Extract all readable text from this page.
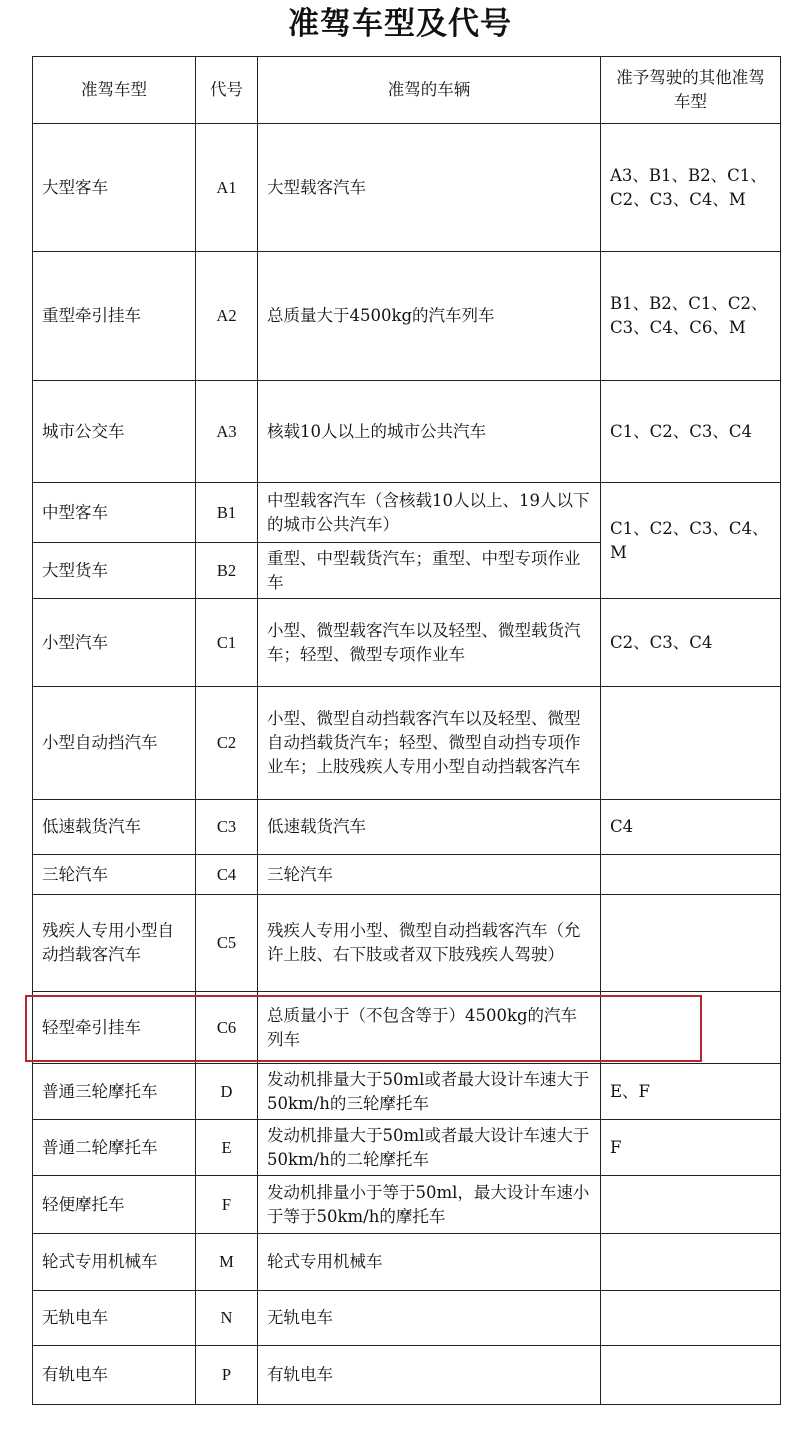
准驾车型及代号
准驾车型	代号	准驾的车辆	准予驾驶的其他准驾车型
大型客车	A1	大型载客汽车	A3、B1、B2、C1、C2、C3、C4、M
重型牵引挂车	A2	总质量大于4500kg的汽车列车	B1、B2、C1、C2、C3、C4、C6、M
城市公交车	A3	核载10人以上的城市公共汽车	C1、C2、C3、C4
中型客车	B1	中型载客汽车（含核载10人以上、19人以下的城市公共汽车）	C1、C2、C3、C4、M
大型货车	B2	重型、中型载货汽车；重型、中型专项作业车	
小型汽车	C1	小型、微型载客汽车以及轻型、微型载货汽车；轻型、微型专项作业车	C2、C3、C4
小型自动挡汽车	C2	小型、微型自动挡载客汽车以及轻型、微型自动挡载货汽车；轻型、微型自动挡专项作业车；上肢残疾人专用小型自动挡载客汽车	
低速载货汽车	C3	低速载货汽车	C4
三轮汽车	C4	三轮汽车	
残疾人专用小型自动挡载客汽车	C5	残疾人专用小型、微型自动挡载客汽车（允许上肢、右下肢或者双下肢残疾人驾驶）	
轻型牵引挂车	C6	总质量小于（不包含等于）4500kg的汽车列车	
普通三轮摩托车	D	发动机排量大于50ml或者最大设计车速大于50km/h的三轮摩托车	E、F
普通二轮摩托车	E	发动机排量大于50ml或者最大设计车速大于50km/h的二轮摩托车	F
轻便摩托车	F	发动机排量小于等于50ml，最大设计车速小于等于50km/h的摩托车	
轮式专用机械车	M	轮式专用机械车	
无轨电车	N	无轨电车	
有轨电车	P	有轨电车	
